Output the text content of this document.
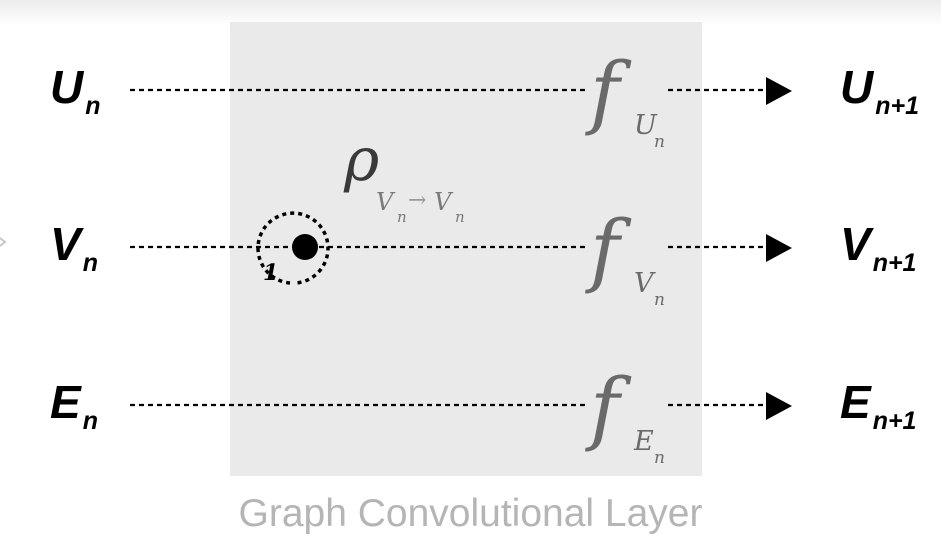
$U_n$
$V_n$
$E_n$
$U_{n+1}$
$V_{n+1}$
$E_{n+1}$
f U
n
f V
n
f E
n
ρ
V
n
→ V
n
1
Graph Convolutional Layer
